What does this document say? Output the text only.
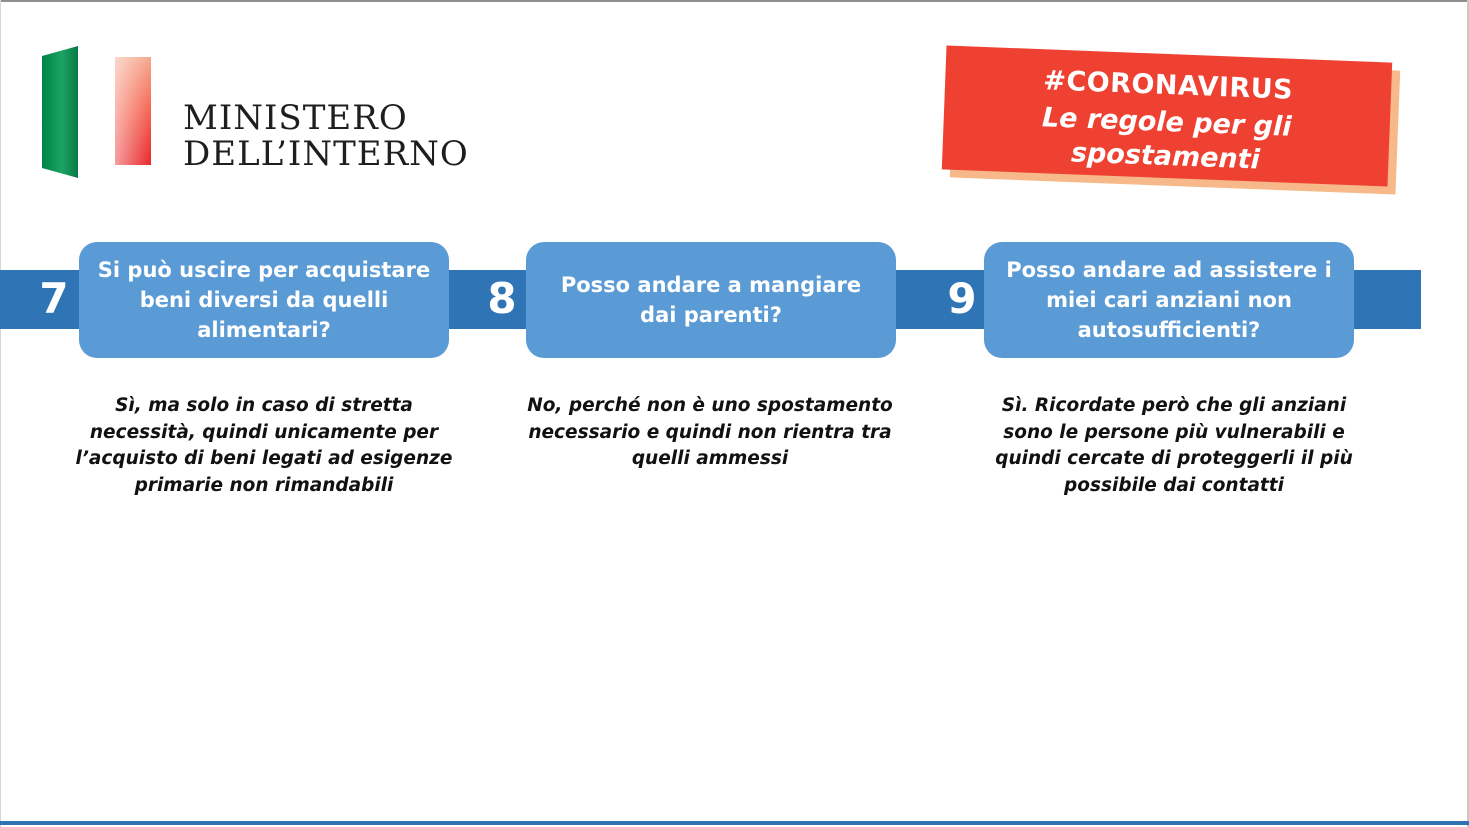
MINISTERO
DELL’INTERNO
#CORONAVIRUS
Le regole per gli spostamenti
7
Si può uscire per acquistare beni diversi da quelli alimentari?
Sì, ma solo in caso di stretta necessità, quindi unicamente per l’acquisto di beni legati ad esigenze primarie non rimandabili
8	Posso andare a mangiare dai parenti?
No, perché non è uno spostamento necessario e quindi non rientra tra quelli ammessi
9
Posso andare ad assistere i miei cari anziani non autosufficienti?
Sì. Ricordate però che gli anziani sono le persone più vulnerabili e quindi cercate di proteggerli il più possibile dai contatti
